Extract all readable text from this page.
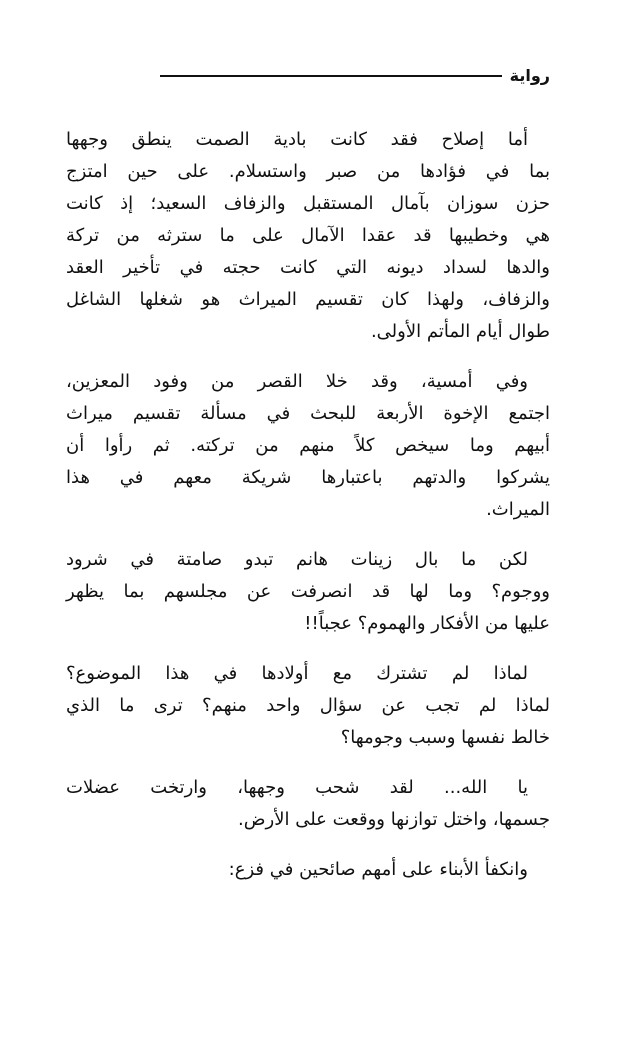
رواية

أما إصلاح فقد كانت بادية الصمت ينطق وجهها
بما في فؤادها من صبر واستسلام. على حين امتزج
حزن سوزان بآمال المستقبل والزفاف السعيد؛ إذ كانت
هي وخطيبها قد عقدا الآمال على ما سترثه من تركة
والدها لسداد ديونه التي كانت حجته في تأخير العقد
والزفاف، ولهذا كان تقسيم الميراث هو شغلها الشاغل
طوال أيام المأتم الأولى.

وفي أمسية، وقد خلا القصر من وفود المعزين،
اجتمع الإخوة الأربعة للبحث في مسألة تقسيم ميراث
أبيهم وما سيخص كلاً منهم من تركته. ثم رأوا أن
يشركوا والدتهم باعتبارها شريكة معهم في هذا
الميراث.

لكن ما بال زينات هانم تبدو صامتة في شرود
ووجوم؟ وما لها قد انصرفت عن مجلسهم بما يظهر
عليها من الأفكار والهموم؟ عجباً!!

لماذا لم تشترك مع أولادها في هذا الموضوع؟
لماذا لم تجب عن سؤال واحد منهم؟ ترى ما الذي
خالط نفسها وسبب وجومها؟

يا الله... لقد شحب وجهها، وارتخت عضلات
جسمها، واختل توازنها ووقعت على الأرض.

وانكفأ الأبناء على أمهم صائحين في فزع:
